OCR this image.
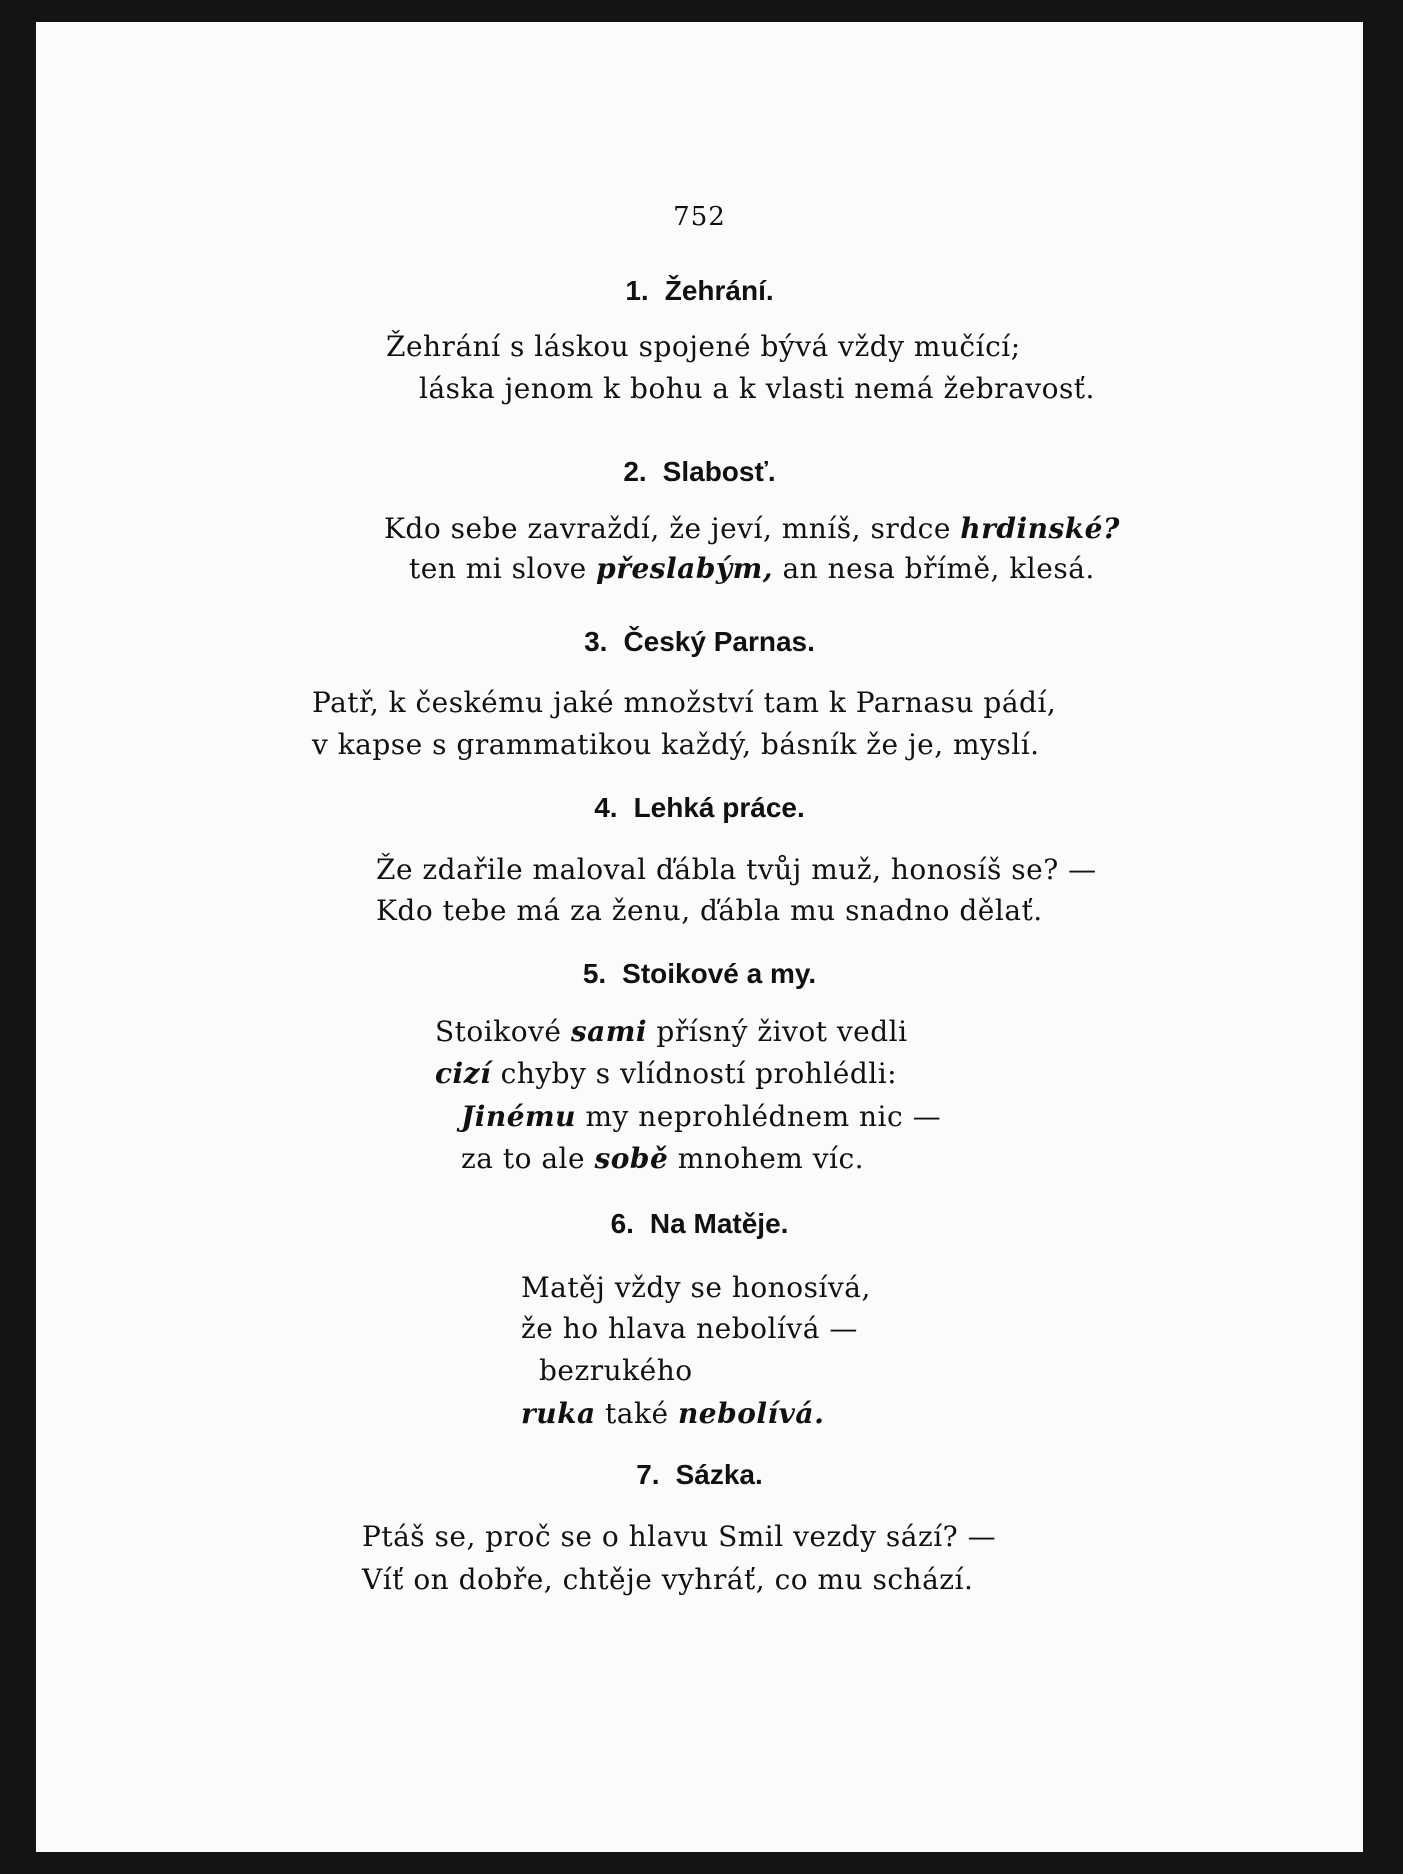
752
1. Žehrání.
Žehrání s láskou spojené bývá vždy mučící;
láska jenom k bohu a k vlasti nemá žebravosť.
2. Slabosť.
Kdo sebe zavraždí, že jeví, mníš, srdce hrdinské?
ten mi slove přeslabým, an nesa břímě, klesá.
3. Český Parnas.
Patř, k českému jaké množství tam k Parnasu pádí,
v kapse s grammatikou každý, básník že je, myslí.
4. Lehká práce.
Že zdařile maloval ďábla tvůj muž, honosíš se? —
Kdo tebe má za ženu, ďábla mu snadno dělať.
5. Stoikové a my.
Stoikové sami přísný život vedli
cizí chyby s vlídností prohlédli:
Jinému my neprohlédnem nic —
za to ale sobě mnohem víc.
6. Na Matěje.
Matěj vždy se honosívá,
že ho hlava nebolívá —
bezrukého
ruka také nebolívá.
7. Sázka.
Ptáš se, proč se o hlavu Smil vezdy sází? —
Víť on dobře, chtěje vyhráť, co mu schází.
